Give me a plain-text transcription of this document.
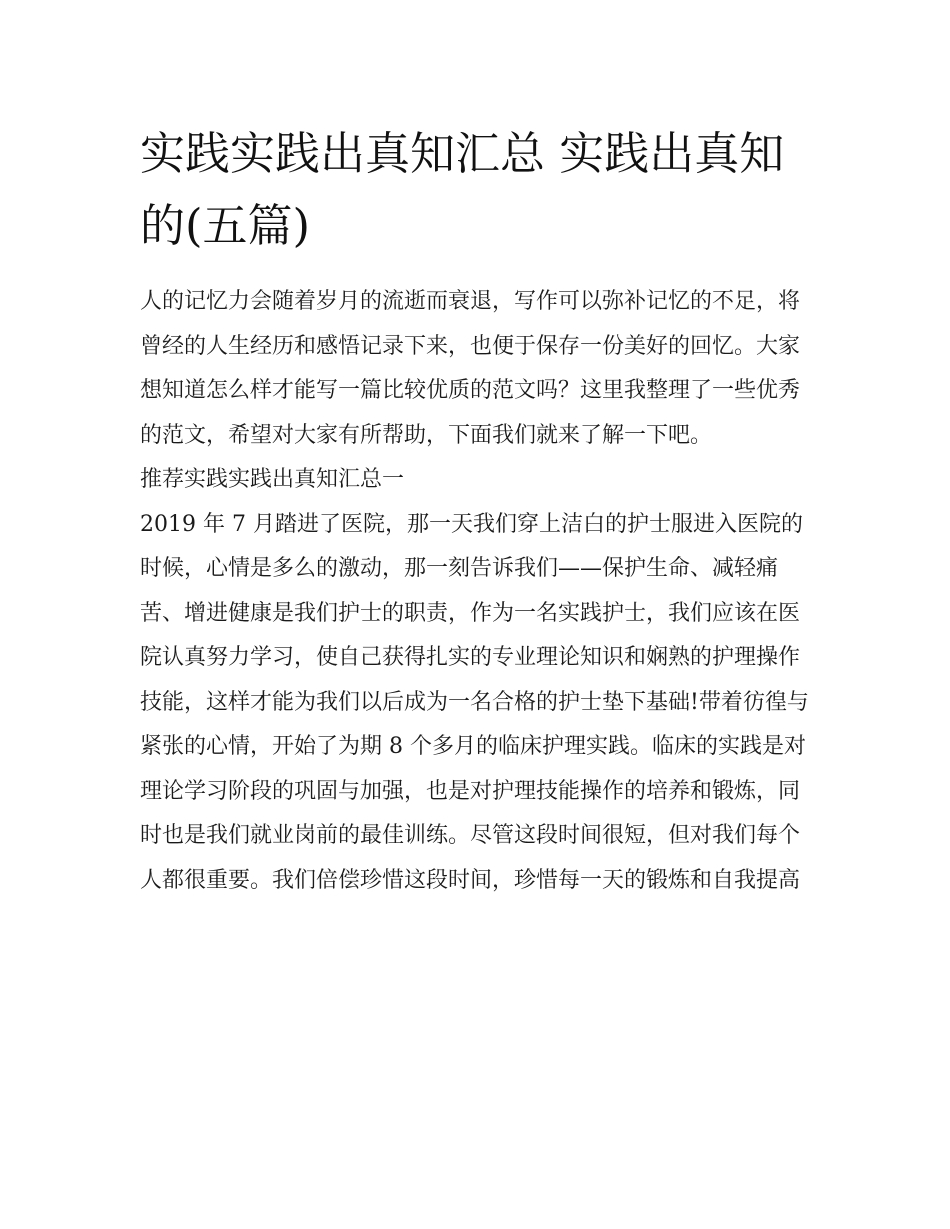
实践实践出真知汇总 实践出真知的(五篇)

人的记忆力会随着岁月的流逝而衰退，写作可以弥补记忆的不足，将曾经的人生经历和感悟记录下来，也便于保存一份美好的回忆。大家想知道怎么样才能写一篇比较优质的范文吗？这里我整理了一些优秀的范文，希望对大家有所帮助，下面我们就来了解一下吧。

推荐实践实践出真知汇总一

2019 年 7 月踏进了医院，那一天我们穿上洁白的护士服进入医院的时候，心情是多么的激动，那一刻告诉我们——保护生命、减轻痛苦、增进健康是我们护士的职责，作为一名实践护士，我们应该在医院认真努力学习，使自己获得扎实的专业理论知识和娴熟的护理操作技能，这样才能为我们以后成为一名合格的护士垫下基础!带着彷徨与紧张的心情，开始了为期 8 个多月的临床护理实践。临床的实践是对理论学习阶段的巩固与加强，也是对护理技能操作的培养和锻炼，同时也是我们就业岗前的最佳训练。尽管这段时间很短，但对我们每个人都很重要。我们倍偿珍惜这段时间，珍惜每一天的锻炼和自我提高
